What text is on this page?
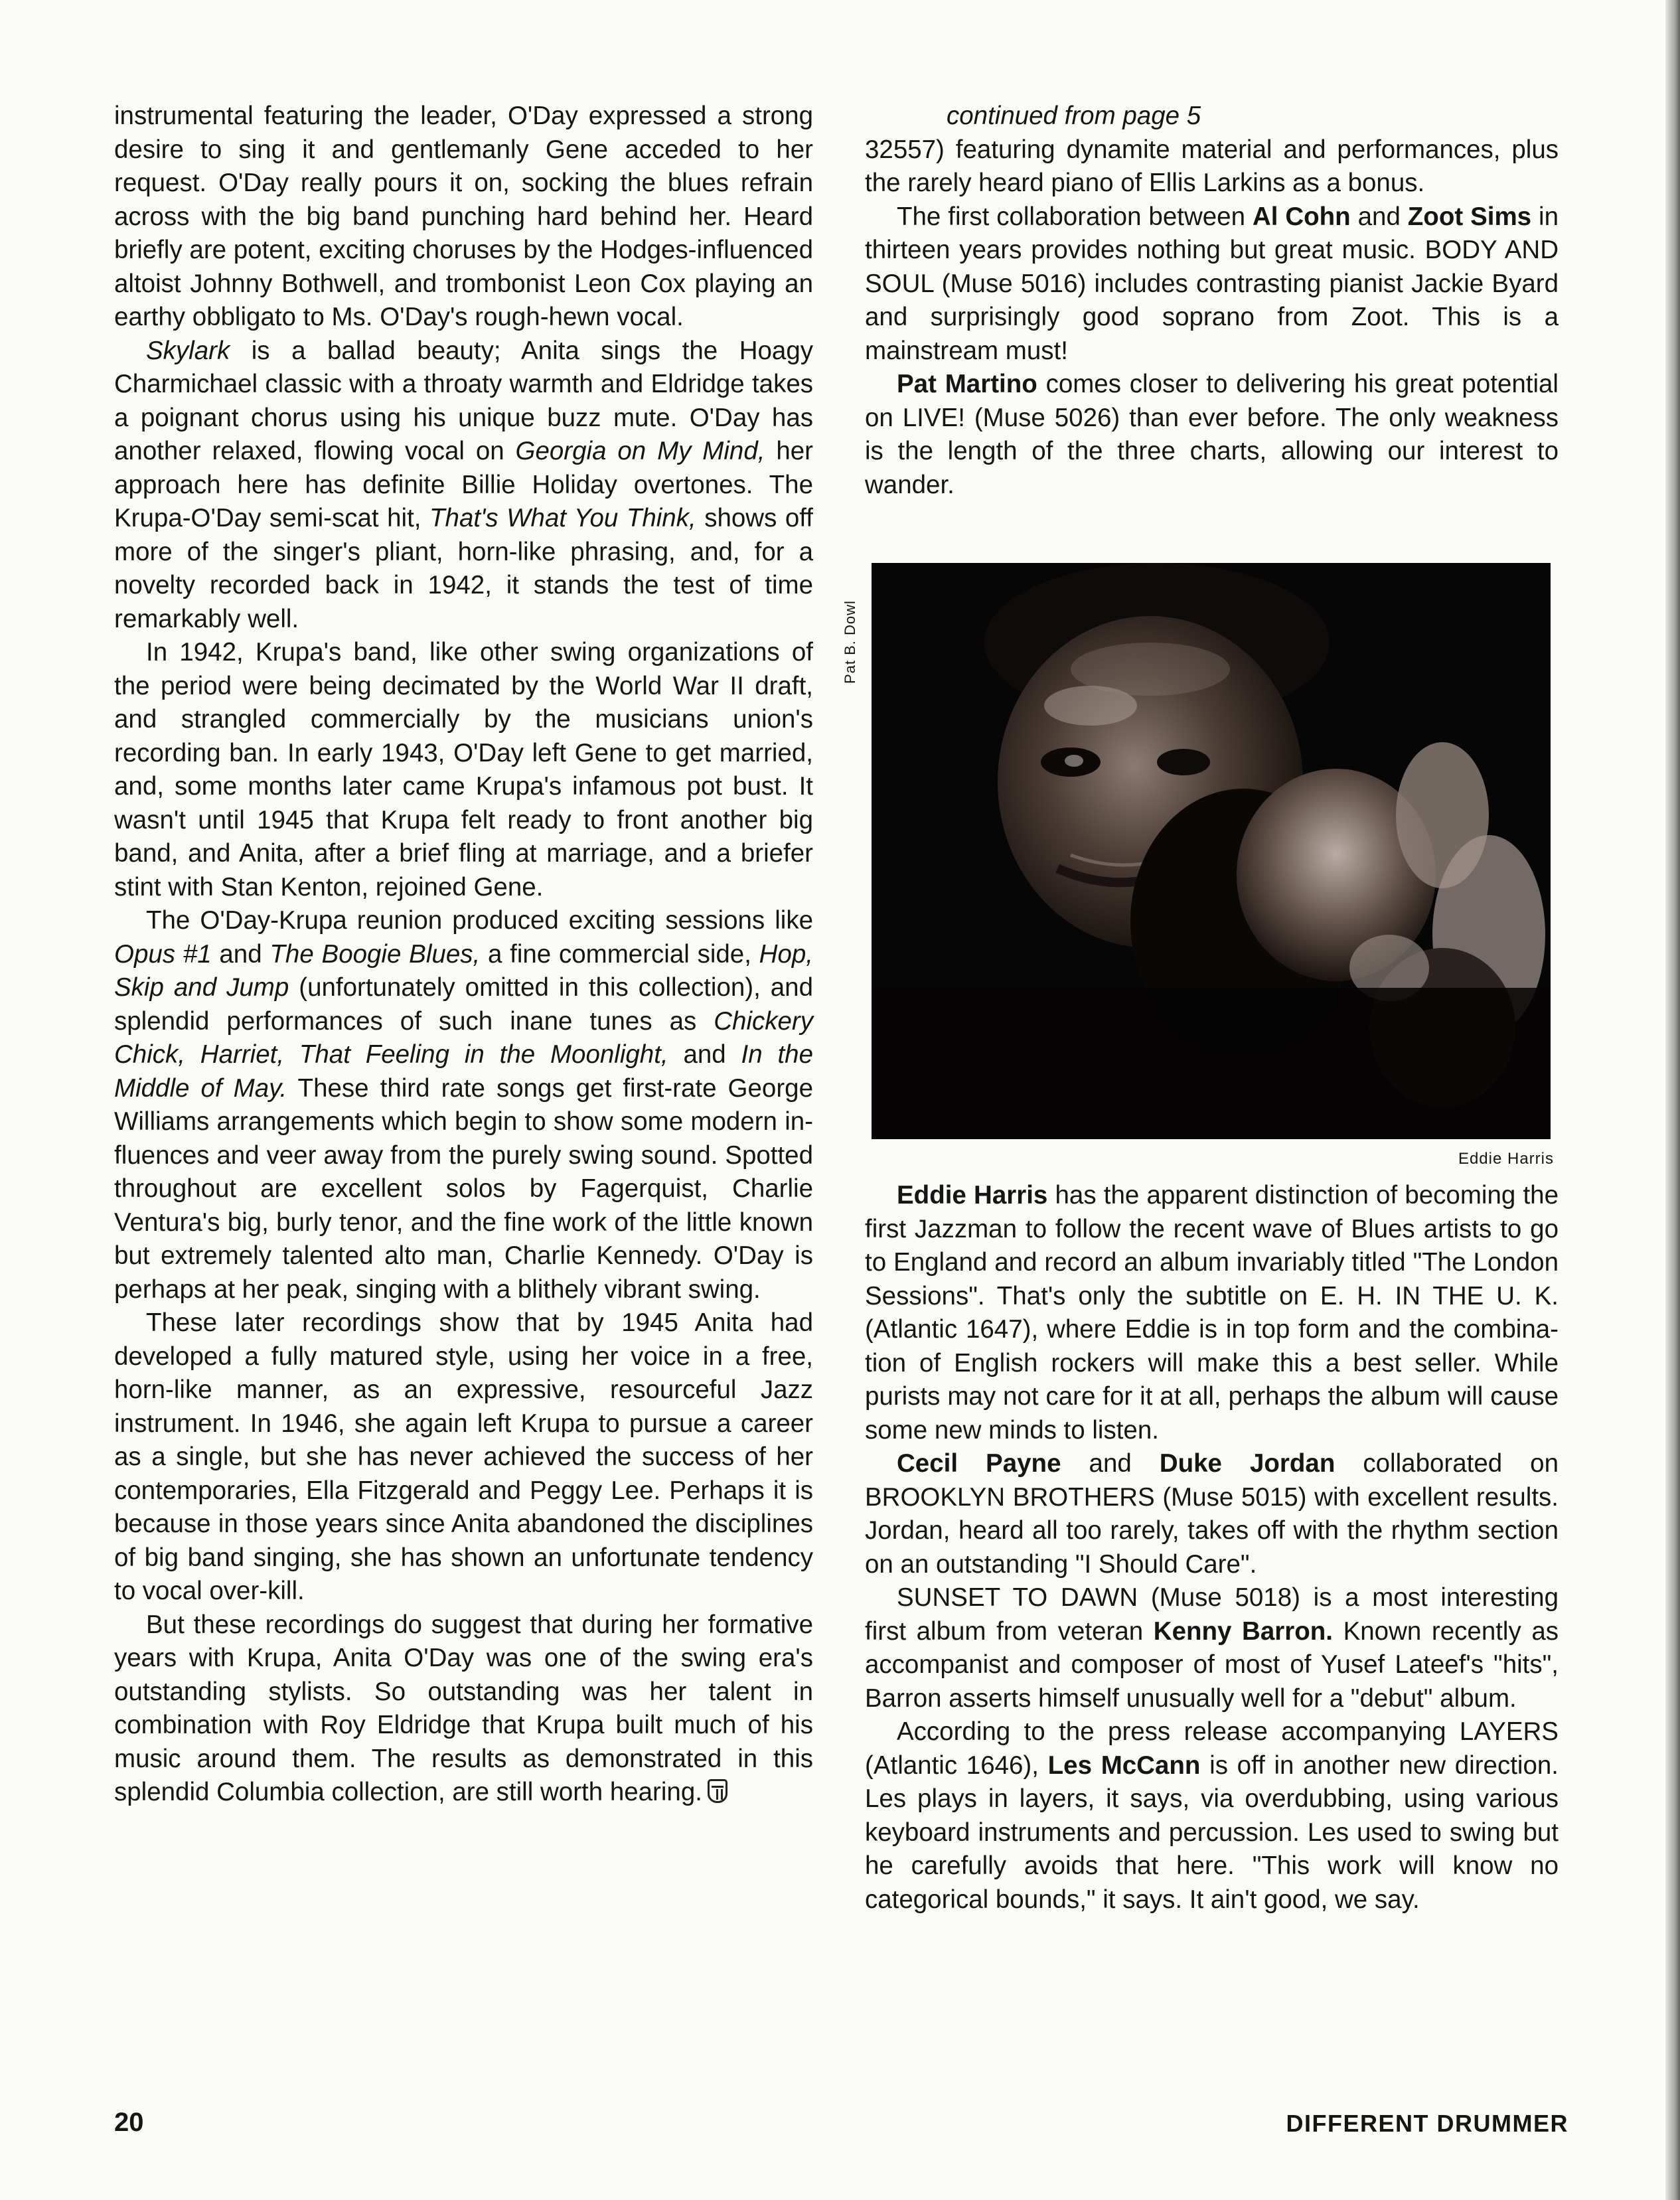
instrumental featuring the leader, O'Day expressed a strong desire to sing it and gentlemanly Gene acceded to her request. O'Day really pours it on, socking the blues refrain across with the big band punching hard behind her. Heard briefly are potent, exciting choruses by the Hodges-influenced altoist Johnny Bothwell, and trombonist Leon Cox playing an earthy obbligato to Ms. O'Day's rough-hewn vocal.

Skylark is a ballad beauty; Anita sings the Hoagy Charmichael classic with a throaty warmth and Eldridge takes a poignant chorus using his unique buzz mute. O'Day has another relaxed, flowing vocal on Georgia on My Mind, her approach here has definite Billie Holiday overtones. The Krupa-O'Day semi-scat hit, That's What You Think, shows off more of the singer's pliant, horn-like phrasing, and, for a novelty recorded back in 1942, it stands the test of time remarkably well.

In 1942, Krupa's band, like other swing organizations of the period were being decimated by the World War II draft, and strangled commercially by the musicians union's recording ban. In early 1943, O'Day left Gene to get married, and, some months later came Krupa's infamous pot bust. It wasn't until 1945 that Krupa felt ready to front another big band, and Anita, after a brief fling at marriage, and a briefer stint with Stan Kenton, rejoined Gene.

The O'Day-Krupa reunion produced exciting sessions like Opus #1 and The Boogie Blues, a fine commercial side, Hop, Skip and Jump (unfortunately omitted in this collection), and splendid performances of such inane tunes as Chickery Chick, Harriet, That Feeling in the Moonlight, and In the Middle of May. These third rate songs get first-rate George Williams arrangements which begin to show some modern influences and veer away from the purely swing sound. Spotted throughout are excellent solos by Fagerquist, Charlie Ventura's big, burly tenor, and the fine work of the little known but extremely talented alto man, Charlie Kennedy. O'Day is perhaps at her peak, singing with a blithely vibrant swing.

These later recordings show that by 1945 Anita had developed a fully matured style, using her voice in a free, horn-like manner, as an expressive, resourceful Jazz instrument. In 1946, she again left Krupa to pursue a career as a single, but she has never achieved the success of her contemporaries, Ella Fitzgerald and Peggy Lee. Perhaps it is because in those years since Anita abandoned the disciplines of big band singing, she has shown an unfortunate tendency to vocal over-kill.

But these recordings do suggest that during her formative years with Krupa, Anita O'Day was one of the swing era's outstanding stylists. So outstanding was her talent in combination with Roy Eldridge that Krupa built much of his music around them. The results as demonstrated in this splendid Columbia collection, are still worth hearing.

continued from page 5

32557) featuring dynamite material and performances, plus the rarely heard piano of Ellis Larkins as a bonus.

The first collaboration between Al Cohn and Zoot Sims in thirteen years provides nothing but great music. BODY AND SOUL (Muse 5016) includes contrasting pianist Jackie Byard and surprisingly good soprano from Zoot. This is a mainstream must!

Pat Martino comes closer to delivering his great potential on LIVE! (Muse 5026) than ever before. The only weakness is the length of the three charts, allowing our interest to wander.

Pat B. Dowl
Eddie Harris

Eddie Harris has the apparent distinction of becoming the first Jazzman to follow the recent wave of Blues artists to go to England and record an album invariably titled "The London Sessions". That's only the subtitle on E. H. IN THE U. K. (Atlantic 1647), where Eddie is in top form and the combination of English rockers will make this a best seller. While purists may not care for it at all, perhaps the album will cause some new minds to listen.

Cecil Payne and Duke Jordan collaborated on BROOKLYN BROTHERS (Muse 5015) with excellent results. Jordan, heard all too rarely, takes off with the rhythm section on an outstanding "I Should Care".

SUNSET TO DAWN (Muse 5018) is a most interesting first album from veteran Kenny Barron. Known recently as accompanist and composer of most of Yusef Lateef's "hits", Barron asserts himself unusually well for a "debut" album.

According to the press release accompanying LAYERS (Atlantic 1646), Les McCann is off in another new direction. Les plays in layers, it says, via overdubbing, using various keyboard instruments and percussion. Les used to swing but he carefully avoids that here. "This work will know no categorical bounds," it says. It ain't good, we say.

20	DIFFERENT DRUMMER
